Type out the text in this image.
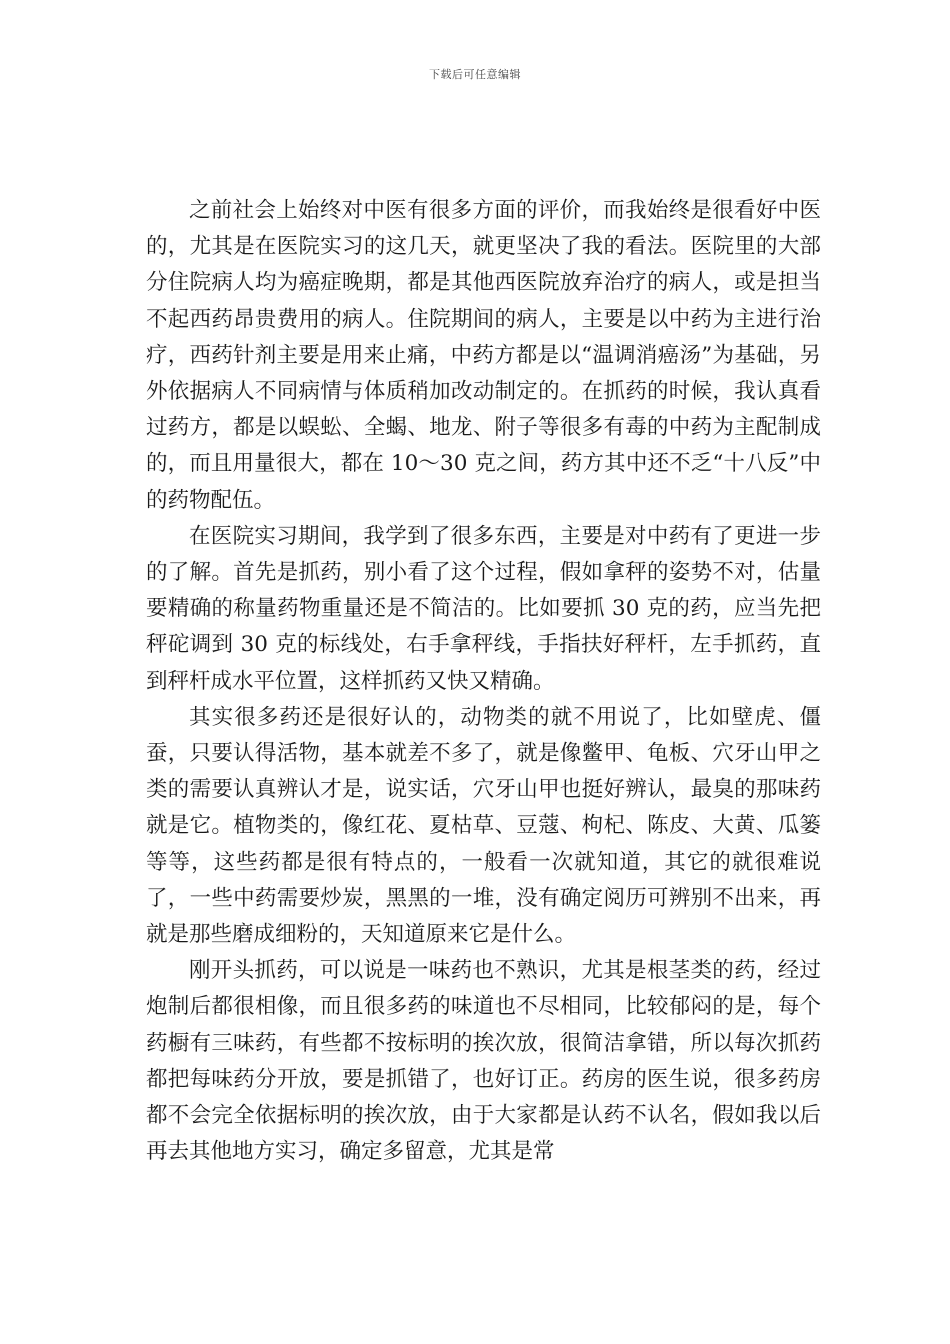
下载后可任意编辑

之前社会上始终对中医有很多方面的评价，而我始终是很看好中医的，尤其是在医院实习的这几天，就更坚决了我的看法。医院里的大部分住院病人均为癌症晚期，都是其他西医院放弃治疗的病人，或是担当不起西药昂贵费用的病人。住院期间的病人，主要是以中药为主进行治疗，西药针剂主要是用来止痛，中药方都是以“温调消癌汤”为基础，另外依据病人不同病情与体质稍加改动制定的。在抓药的时候，我认真看过药方，都是以蜈蚣、全蝎、地龙、附子等很多有毒的中药为主配制成的，而且用量很大，都在 10～30 克之间，药方其中还不乏“十八反”中的药物配伍。

在医院实习期间，我学到了很多东西，主要是对中药有了更进一步的了解。首先是抓药，别小看了这个过程，假如拿秤的姿势不对，估量要精确的称量药物重量还是不简洁的。比如要抓 30 克的药，应当先把秤砣调到 30 克的标线处，右手拿秤线，手指扶好秤杆，左手抓药，直到秤杆成水平位置，这样抓药又快又精确。

其实很多药还是很好认的，动物类的就不用说了，比如壁虎、僵蚕，只要认得活物，基本就差不多了，就是像鳖甲、龟板、穴牙山甲之类的需要认真辨认才是，说实话，穴牙山甲也挺好辨认，最臭的那味药就是它。植物类的，像红花、夏枯草、豆蔻、枸杞、陈皮、大黄、瓜篓等等，这些药都是很有特点的，一般看一次就知道，其它的就很难说了，一些中药需要炒炭，黑黑的一堆，没有确定阅历可辨别不出来，再就是那些磨成细粉的，天知道原来它是什么。

刚开头抓药，可以说是一味药也不熟识，尤其是根茎类的药，经过炮制后都很相像，而且很多药的味道也不尽相同，比较郁闷的是，每个药橱有三味药，有些都不按标明的挨次放，很简洁拿错，所以每次抓药都把每味药分开放，要是抓错了，也好订正。药房的医生说，很多药房都不会完全依据标明的挨次放，由于大家都是认药不认名，假如我以后再去其他地方实习，确定多留意，尤其是常
